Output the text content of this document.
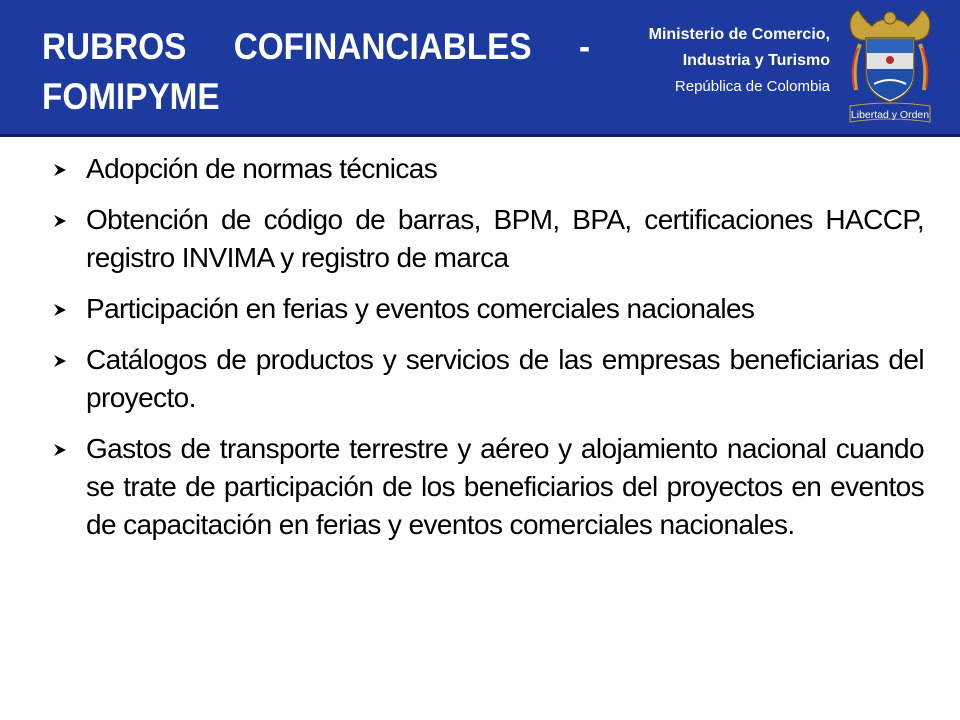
RUBROS COFINANCIABLES - FOMIPYME
Ministerio de Comercio,
Industria y Turismo
República de Colombia
Libertad y Orden
Adopción de normas técnicas
Obtención de código de barras, BPM, BPA, certificaciones HACCP, registro INVIMA y registro de marca
Participación en ferias y eventos comerciales nacionales
Catálogos de productos y servicios de las empresas beneficiarias del proyecto.
Gastos de transporte terrestre y aéreo y alojamiento nacional cuando se trate de participación de los beneficiarios del proyectos en eventos de capacitación en ferias y eventos comerciales nacionales.
